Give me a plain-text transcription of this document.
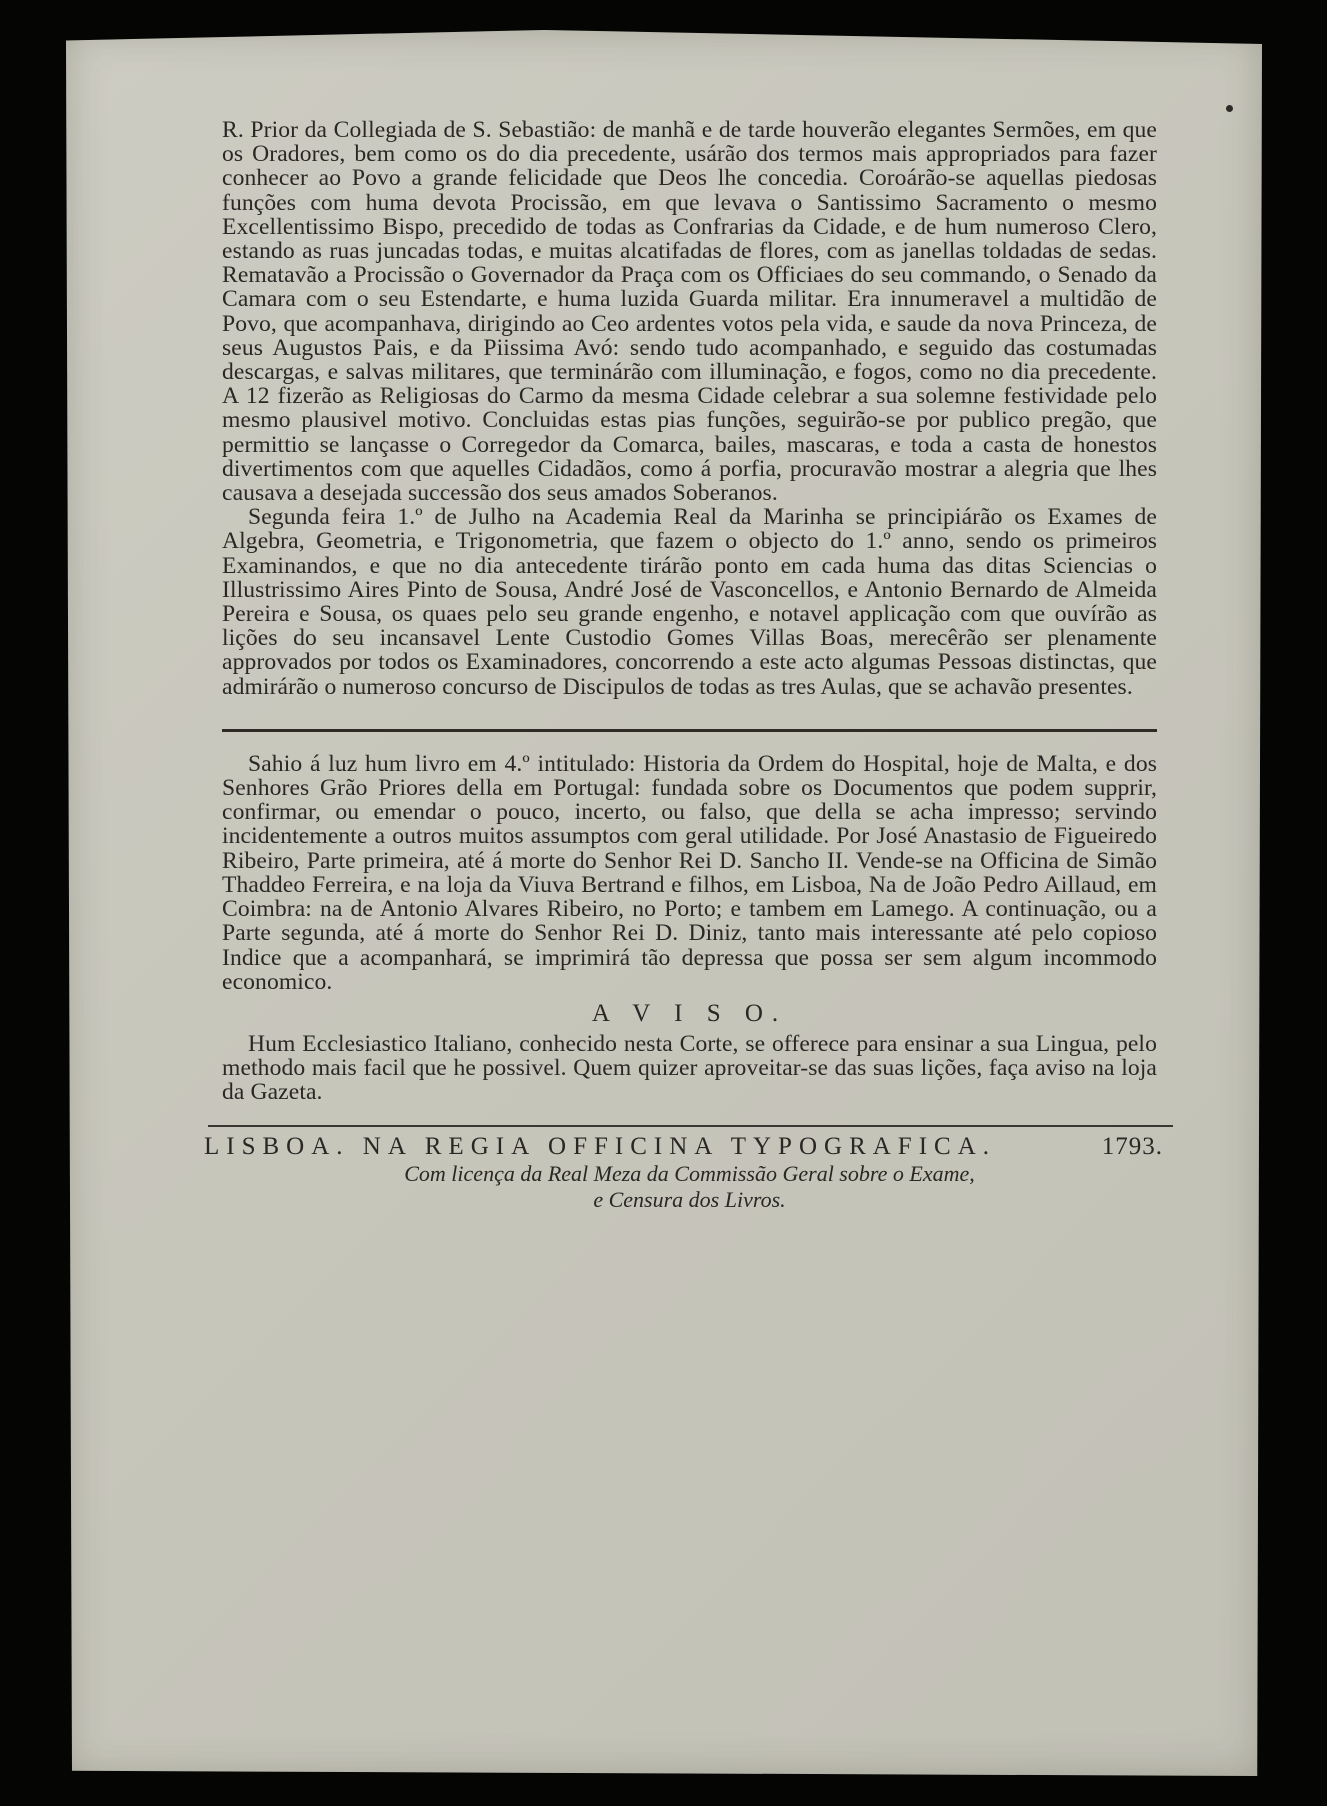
R. Prior da Collegiada de S. Sebastião: de manhã e de tarde houverão elegantes Sermões, em que os Oradores, bem como os do dia precedente, usárão dos termos mais appropriados para fazer conhecer ao Povo a grande felicidade que Deos lhe concedia. Coroárão-se aquellas piedosas funções com huma devota Procissão, em que levava o Santissimo Sacramento o mesmo Excellentissimo Bispo, precedido de todas as Confrarias da Cidade, e de hum numeroso Clero, estando as ruas juncadas todas, e muitas alcatifadas de flores, com as janellas toldadas de sedas. Rematavão a Procissão o Governador da Praça com os Officiaes do seu commando, o Senado da Camara com o seu Estendarte, e huma luzida Guarda militar. Era innumeravel a multidão de Povo, que acompanhava, dirigindo ao Ceo ardentes votos pela vida, e saude da nova Princeza, de seus Augustos Pais, e da Piissima Avó: sendo tudo acompanhado, e seguido das costumadas descargas, e salvas militares, que terminárão com illuminação, e fogos, como no dia precedente. A 12 fizerão as Religiosas do Carmo da mesma Cidade celebrar a sua solemne festividade pelo mesmo plausivel motivo. Concluidas estas pias funções, seguirão-se por publico pregão, que permittio se lançasse o Corregedor da Comarca, bailes, mascaras, e toda a casta de honestos divertimentos com que aquelles Cidadãos, como á porfia, procuravão mostrar a alegria que lhes causava a desejada successão dos seus amados Soberanos.

Segunda feira 1.º de Julho na Academia Real da Marinha se principiárão os Exames de Algebra, Geometria, e Trigonometria, que fazem o objecto do 1.º anno, sendo os primeiros Examinandos, e que no dia antecedente tirárão ponto em cada huma das ditas Sciencias o Illustrissimo Aires Pinto de Sousa, André José de Vasconcellos, e Antonio Bernardo de Almeida Pereira e Sousa, os quaes pelo seu grande engenho, e notavel applicação com que ouvírão as lições do seu incansavel Lente Custodio Gomes Villas Boas, merecêrão ser plenamente approvados por todos os Examinadores, concorrendo a este acto algumas Pessoas distinctas, que admirárão o numeroso concurso de Discipulos de todas as tres Aulas, que se achavão presentes.

Sahio á luz hum livro em 4.º intitulado: Historia da Ordem do Hospital, hoje de Malta, e dos Senhores Grão Priores della em Portugal: fundada sobre os Documentos que podem supprir, confirmar, ou emendar o pouco, incerto, ou falso, que della se acha impresso; servindo incidentemente a outros muitos assumptos com geral utilidade. Por José Anastasio de Figueiredo Ribeiro, Parte primeira, até á morte do Senhor Rei D. Sancho II. Vende-se na Officina de Simão Thaddeo Ferreira, e na loja da Viuva Bertrand e filhos, em Lisboa, Na de João Pedro Aillaud, em Coimbra: na de Antonio Alvares Ribeiro, no Porto; e tambem em Lamego. A continuação, ou a Parte segunda, até á morte do Senhor Rei D. Diniz, tanto mais interessante até pelo copioso Indice que a acompanhará, se imprimirá tão depressa que possa ser sem algum incommodo economico.

A V I S O.

Hum Ecclesiastico Italiano, conhecido nesta Corte, se offerece para ensinar a sua Lingua, pelo methodo mais facil que he possivel. Quem quizer aproveitar-se das suas lições, faça aviso na loja da Gazeta.

LISBOA. NA REGIA OFFICINA TYPOGRAFICA.	1793.
Com licença da Real Meza da Commissão Geral sobre o Exame,
e Censura dos Livros.
